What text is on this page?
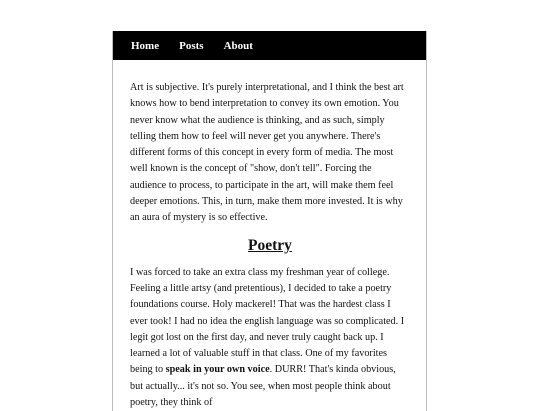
Home Posts About

Art is subjective. It's purely interpretational, and I think the best art knows how to bend interpretation to convey its own emotion. You never know what the audience is thinking, and as such, simply telling them how to feel will never get you anywhere. There's different forms of this concept in every form of media. The most well known is the concept of "show, don't tell". Forcing the audience to process, to participate in the art, will make them feel deeper emotions. This, in turn, make them more invested. It is why an aura of mystery is so effective.

Poetry

I was forced to take an extra class my freshman year of college. Feeling a little artsy (and pretentious), I decided to take a poetry foundations course. Holy mackerel! That was the hardest class I ever took! I had no idea the english language was so complicated. I legit got lost on the first day, and never truly caught back up. I learned a lot of valuable stuff in that class. One of my favorites being to speak in your own voice. DURR! That's kinda obvious, but actually... it's not so. You see, when most people think about poetry, they think of
